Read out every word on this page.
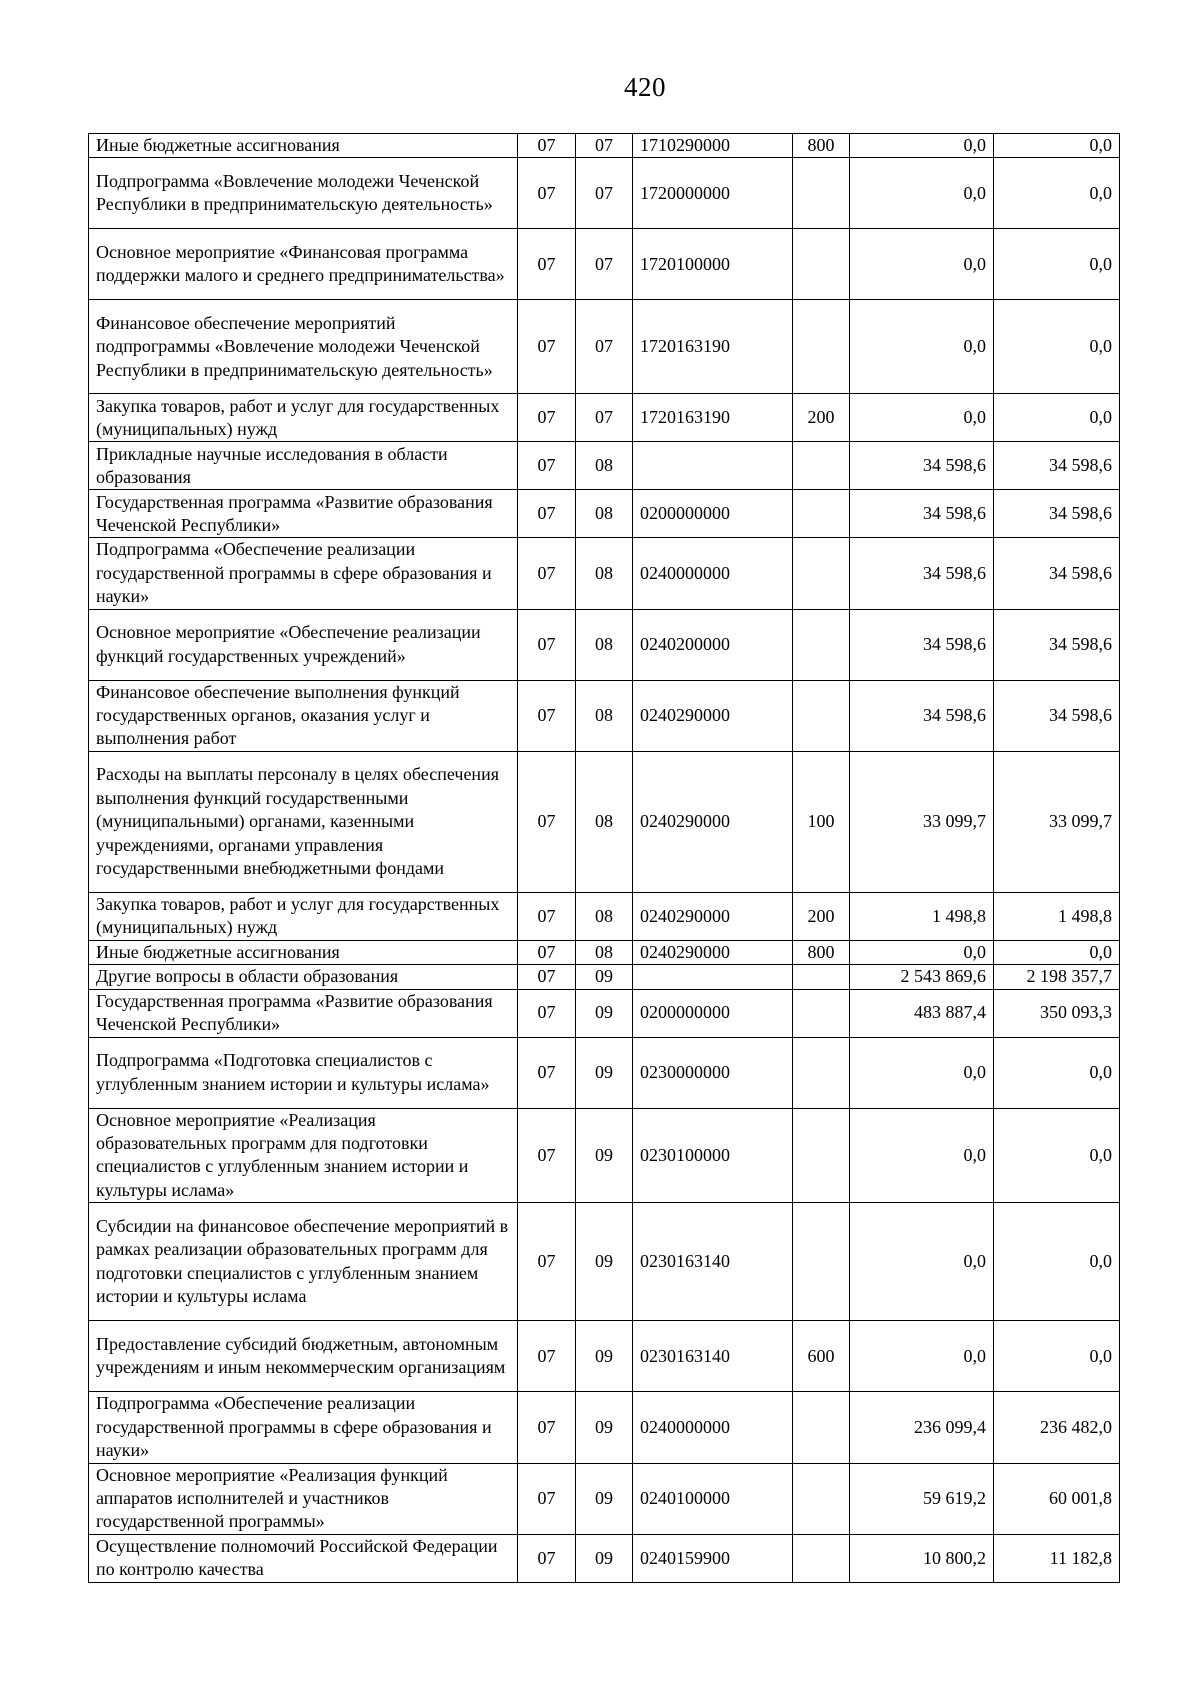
420
Иные бюджетные ассигнования	07	07	1710290000	800	0,0	0,0
Подпрограмма «Вовлечение молодежи Чеченской Республики в предпринимательскую деятельность»	07	07	1720000000		0,0	0,0
Основное мероприятие «Финансовая программа поддержки малого и среднего предпринимательства»	07	07	1720100000		0,0	0,0
Финансовое обеспечение мероприятий подпрограммы «Вовлечение молодежи Чеченской Республики в предпринимательскую деятельность»	07	07	1720163190		0,0	0,0
Закупка товаров, работ и услуг для государственных (муниципальных) нужд	07	07	1720163190	200	0,0	0,0
Прикладные научные исследования в области образования	07	08			34 598,6	34 598,6
Государственная программа «Развитие образования Чеченской Республики»	07	08	0200000000		34 598,6	34 598,6
Подпрограмма «Обеспечение реализации государственной программы в сфере образования и науки»	07	08	0240000000		34 598,6	34 598,6
Основное мероприятие «Обеспечение реализации функций государственных учреждений»	07	08	0240200000		34 598,6	34 598,6
Финансовое обеспечение выполнения функций государственных органов, оказания услуг и выполнения работ	07	08	0240290000		34 598,6	34 598,6
Расходы на выплаты персоналу в целях обеспечения выполнения функций государственными (муниципальными) органами, казенными учреждениями, органами управления государственными внебюджетными фондами	07	08	0240290000	100	33 099,7	33 099,7
Закупка товаров, работ и услуг для государственных (муниципальных) нужд	07	08	0240290000	200	1 498,8	1 498,8
Иные бюджетные ассигнования	07	08	0240290000	800	0,0	0,0
Другие вопросы в области образования	07	09			2 543 869,6	2 198 357,7
Государственная программа «Развитие образования Чеченской Республики»	07	09	0200000000		483 887,4	350 093,3
Подпрограмма «Подготовка специалистов с углубленным знанием истории и культуры ислама»	07	09	0230000000		0,0	0,0
Основное мероприятие «Реализация образовательных программ для подготовки специалистов с углубленным знанием истории и культуры ислама»	07	09	0230100000		0,0	0,0
Субсидии на финансовое обеспечение мероприятий в рамках реализации образовательных программ для подготовки специалистов с углубленным знанием истории и культуры ислама	07	09	0230163140		0,0	0,0
Предоставление субсидий бюджетным, автономным учреждениям и иным некоммерческим организациям	07	09	0230163140	600	0,0	0,0
Подпрограмма «Обеспечение реализации государственной программы в сфере образования и науки»	07	09	0240000000		236 099,4	236 482,0
Основное мероприятие «Реализация функций аппаратов исполнителей и участников государственной программы»	07	09	0240100000		59 619,2	60 001,8
Осуществление полномочий Российской Федерации по контролю качества	07	09	0240159900		10 800,2	11 182,8
